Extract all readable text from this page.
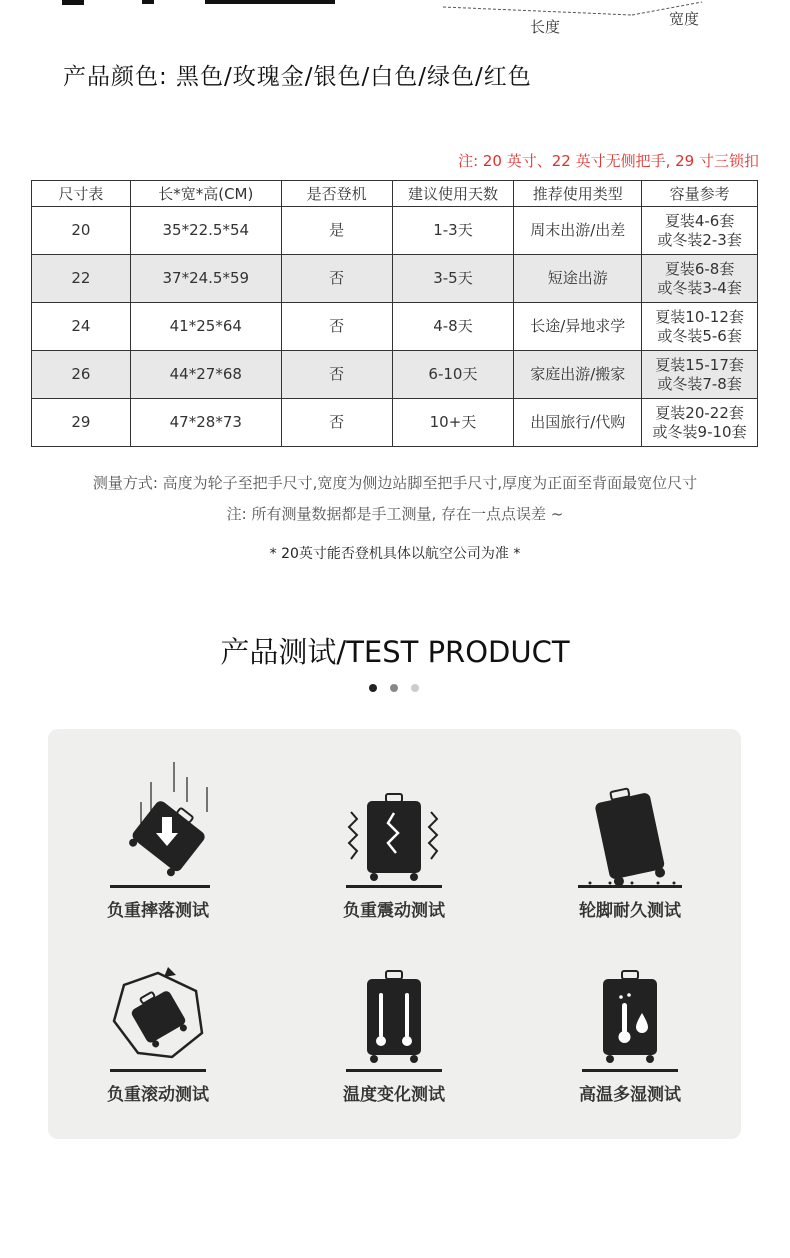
长度	宽度
产品颜色: 黑色/玫瑰金/银色/白色/绿色/红色
注: 20 英寸、22 英寸无侧把手, 29 寸三锁扣
尺寸表	长*宽*高(CM)	是否登机	建议使用天数	推荐使用类型	容量参考
20	35*22.5*54	是	1-3天	周末出游/出差	夏装4-6套
或冬装2-3套

22	37*24.5*59	否	3-5天	短途出游	夏装6-8套
或冬装3-4套

24	41*25*64	否	4-8天	长途/异地求学	夏装10-12套
或冬装5-6套

26	44*27*68	否	6-10天	家庭出游/搬家	夏装15-17套
或冬装7-8套

29	47*28*73	否	10+天	出国旅行/代购	夏装20-22套
或冬装9-10套
测量方式: 高度为轮子至把手尺寸,宽度为侧边站脚至把手尺寸,厚度为正面至背面最宽位尺寸
注: 所有测量数据都是手工测量, 存在一点点误差 ~
* 20英寸能否登机具体以航空公司为准 *
产品测试/TEST PRODUCT
负重摔落测试	负重震动测试	轮脚耐久测试
负重滚动测试	温度变化测试	高温多湿测试
